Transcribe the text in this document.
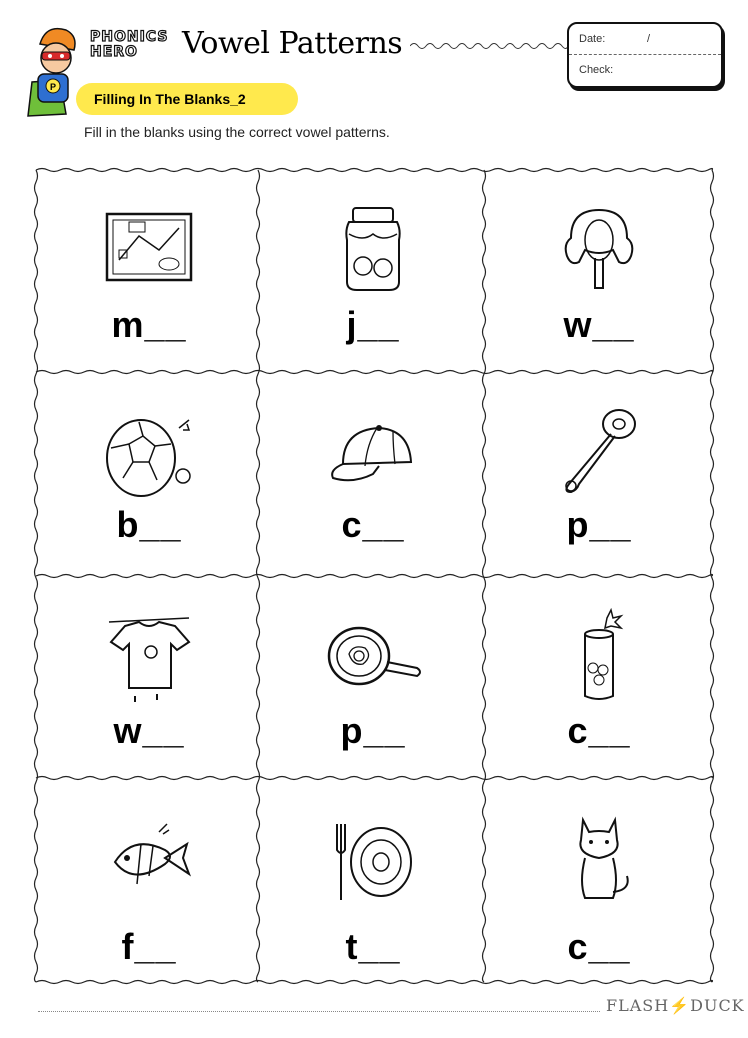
P
PHONICS
HERO	Vowel Patterns	Date:	/
Check:
Filling In The Blanks_2
Fill in the blanks using the correct vowel patterns.
m__	j__	w__
b__	c__	p__
w__	p__	c__
f__	t__	c__
FLASH⚡DUCK
